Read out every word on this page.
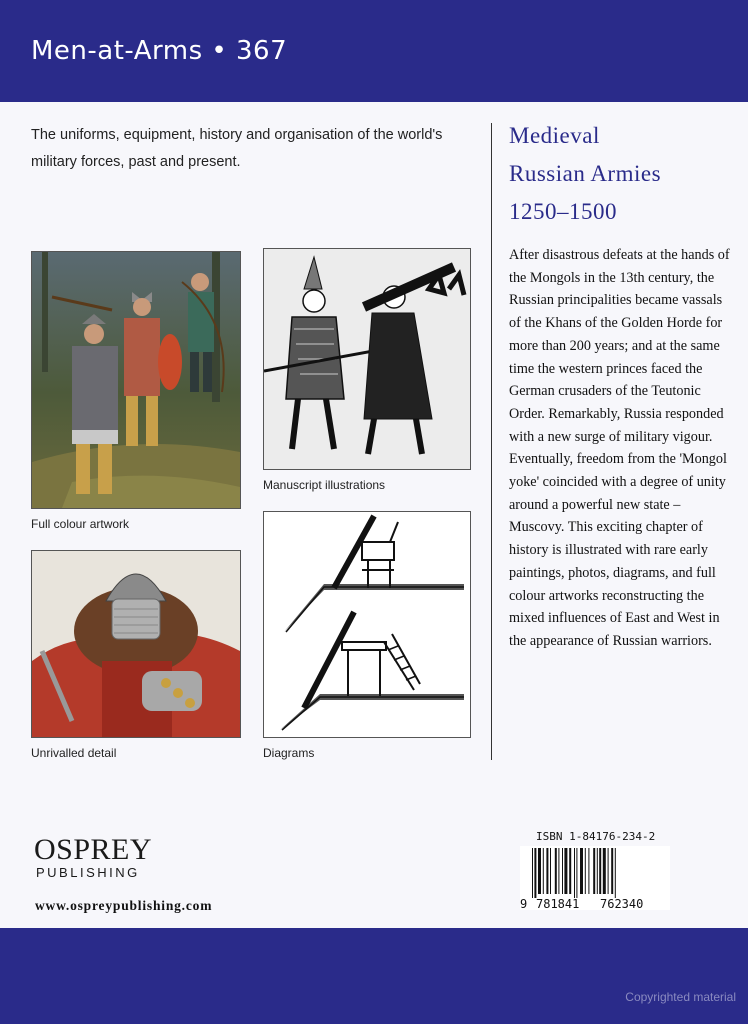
Men-at-Arms • 367
The uniforms, equipment, history and organisation of the world's military forces, past and present.
Full colour artwork
Manuscript illustrations
Unrivalled detail	Diagrams
Medieval
Russian Armies
1250–1500
After disastrous defeats at the hands of the Mongols in the 13th century, the Russian principalities became vassals of the Khans of the Golden Horde for more than 200 years; and at the same time the western princes faced the German crusaders of the Teutonic Order. Remarkably, Russia responded with a new surge of military vigour. Eventually, freedom from the 'Mongol yoke' coincided with a degree of unity around a powerful new state – Muscovy. This exciting chapter of history is illustrated with rare early paintings, photos, diagrams, and full colour artworks reconstructing the mixed influences of East and West in the appearance of Russian warriors.
OSPREY
PUBLISHING
www.ospreypublishing.com
ISBN 1-84176-234-2
9 781841 762340
Copyrighted material
